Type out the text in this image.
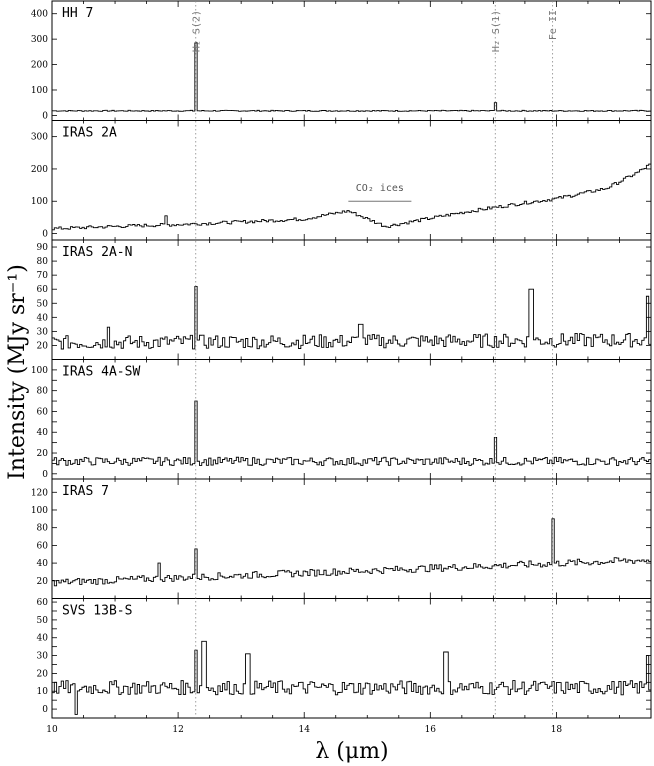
0
100
200
300
400 HH 7
0
100
200
300 IRAS 2A
20
30
40
50
60
70
80
90 IRAS 2A-N
0
20
40
60
80
100 IRAS 4A-SW
20
40
60
80
100
120 IRAS 7
0
10
20
30
40
50
60
SVS 13B-S
H₂ S(2)	H₂ S(1)	Fe II
CO₂ ices
10	12	14	16	18
λ (μm)
Intensity (MJy sr⁻¹)
